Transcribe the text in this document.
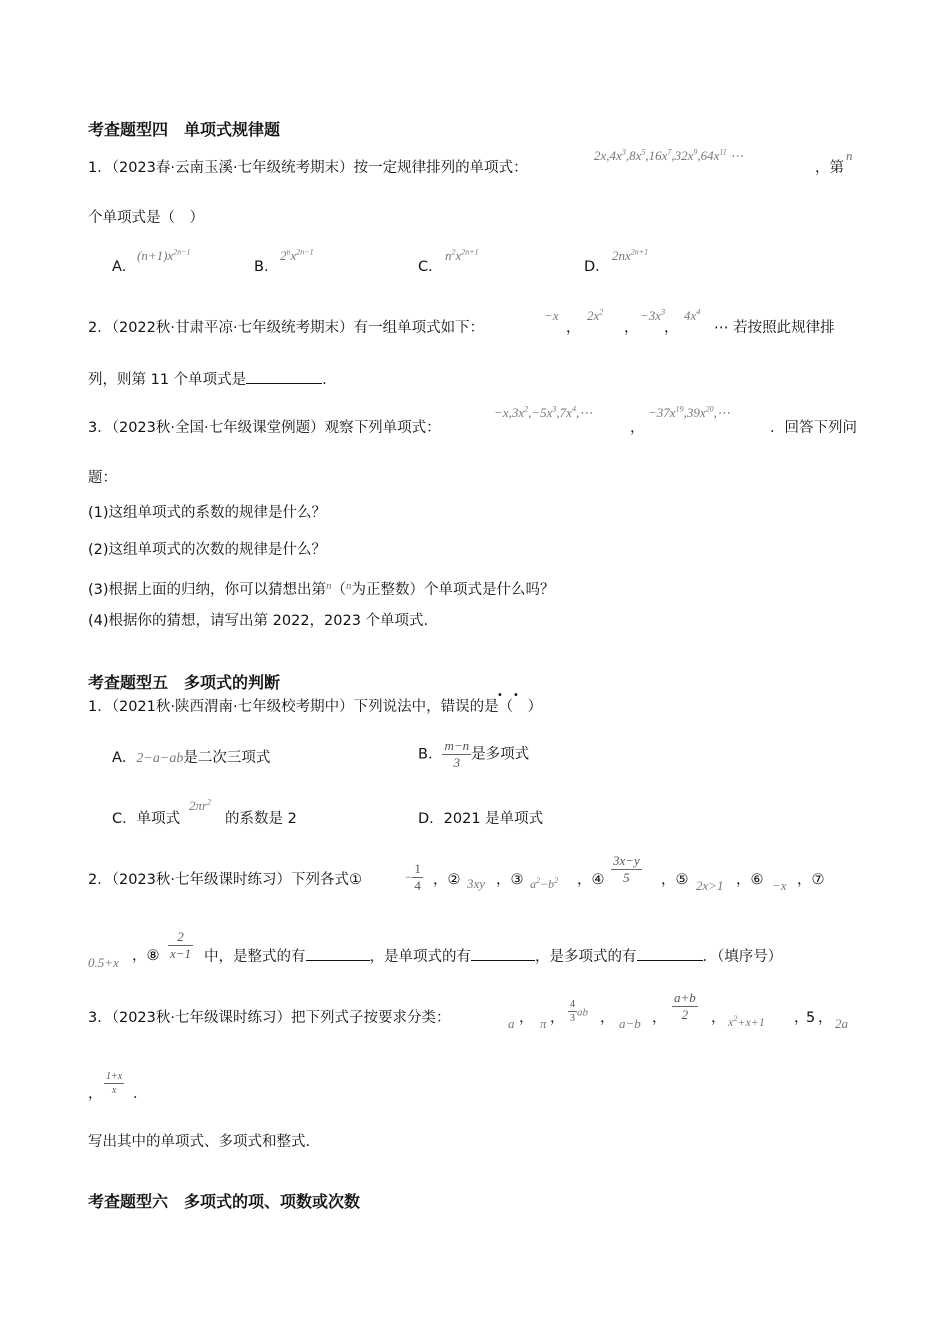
考查题型四　单项式规律题
1．（2023春·云南玉溪·七年级统考期末）按一定规律排列的单项式：
$2x,4x^3,8x^5,16x^7,32x^9,64x^{11}$ ⋯
，第
n
个单项式是（　）
A．
$(n+1)x^{2n-1}$
B．
$2^nx^{2n-1}$
C．
$n^2x^{2n+1}$
D．
$2nx^{2n+1}$
2．（2022秋·甘肃平凉·七年级统考期末）有一组单项式如下：
−x
，
$2x^2$
，
$-3x^3$
，
$4x^4$
⋯ 若按照此规律排
列，则第 11 个单项式是	.
3．（2023秋·全国·七年级课堂例题）观察下列单项式：
$-x,3x^2,-5x^3,7x^4,\cdots$
，
$-37x^{19},39x^{20},\cdots$
．回答下列问
题：
(1)这组单项式的系数的规律是什么？
(2)这组单项式的次数的规律是什么？
(3)根据上面的归纳，你可以猜想出第$^n$（$^n$为正整数）个单项式是什么吗？
(4)根据你的猜想，请写出第 2022，2023 个单项式.
考查题型五　多项式的判断
1．（2021秋·陕西渭南·七年级校考期中）下列说法中，错误的是（　）
• •
A．2−a−ab是二次三项式	B． $\frac{m-n}{3}$ 是多项式
C．单项式
$2\pi r^2$
的系数是 2	D．2021 是单项式
2．（2023秋·七年级课时练习）下列各式①	− $\frac{1}{4}$ ，② 3xy ，③ $a^2-b^2$ ，④ $\frac{3x-y}{5}$ ，⑤ 2x>1 ，⑥ −x ，⑦
0.5+x ，⑧ $\frac{2}{x-1}$ 中，是整式的有	，是单项式的有	，是多项式的有	．（填序号）
3．（2023秋·七年级课时练习）把下列式子按要求分类：	a ， π ， $\frac{4}{3}$ ab ， a−b ， $\frac{a+b}{2}$ ， $x^2+x+1$ ，
5 ， 2a
， $\frac{1+x}{x}$ ．
写出其中的单项式、多项式和整式.
考查题型六　多项式的项、项数或次数
